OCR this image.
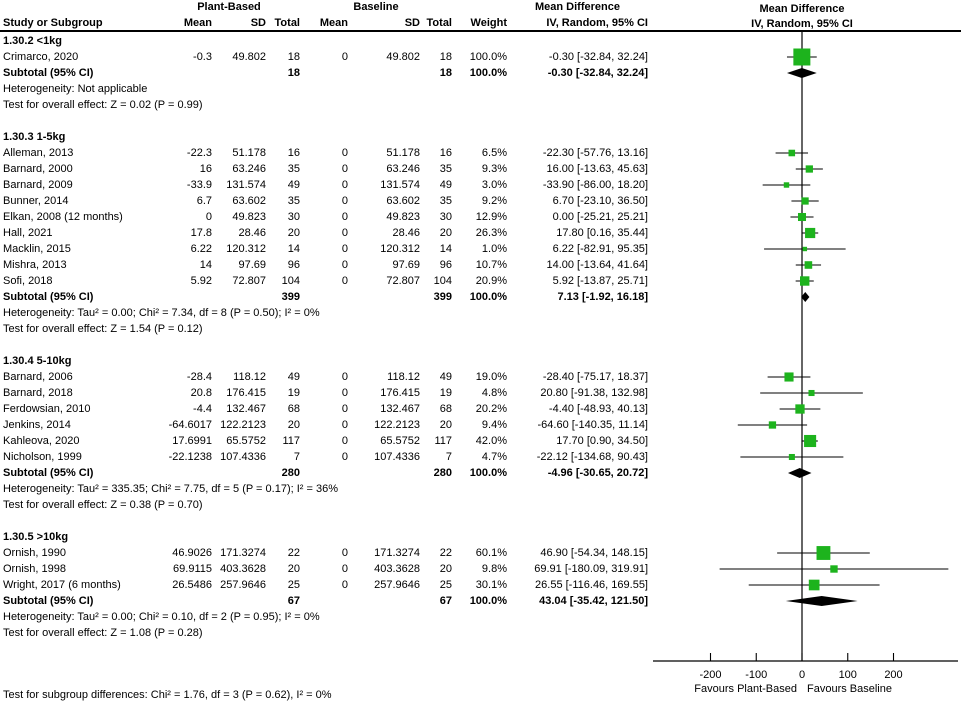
Plant-Based	Baseline	Mean Difference
Study or Subgroup	Mean	SD Total	Mean	SD Total	Weight	IV, Random, 95% CI
1.30.2 <1kg
Crimarco, 2020	-0.3	49.802	18	0	49.802	18	100.0%	-0.30 [-32.84, 32.24]
Subtotal (95% CI)	18	18	100.0%	-0.30 [-32.84, 32.24]
Heterogeneity: Not applicable
Test for overall effect: Z = 0.02 (P = 0.99)
1.30.3 1-5kg
Alleman, 2013	-22.3	51.178	16	0	51.178	16	6.5%	-22.30 [-57.76, 13.16]
Barnard, 2000	16	63.246	35	0	63.246	35	9.3%	16.00 [-13.63, 45.63]
Barnard, 2009	-33.9	131.574	49	0	131.574	49	3.0%	-33.90 [-86.00, 18.20]
Bunner, 2014	6.7	63.602	35	0	63.602	35	9.2%	6.70 [-23.10, 36.50]
Elkan, 2008 (12 months)	0	49.823	30	0	49.823	30	12.9%	0.00 [-25.21, 25.21]
Hall, 2021	17.8	28.46	20	0	28.46	20	26.3%	17.80 [0.16, 35.44]
Macklin, 2015	6.22	120.312	14	0	120.312	14	1.0%	6.22 [-82.91, 95.35]
Mishra, 2013	14	97.69	96	0	97.69	96	10.7%	14.00 [-13.64, 41.64]
Sofi, 2018	5.92	72.807	104	0	72.807	104	20.9%	5.92 [-13.87, 25.71]
Subtotal (95% CI)	399	399	100.0%	7.13 [-1.92, 16.18]
Heterogeneity: Tau² = 0.00; Chi² = 7.34, df = 8 (P = 0.50); I² = 0%
Test for overall effect: Z = 1.54 (P = 0.12)
1.30.4 5-10kg
Barnard, 2006	-28.4	118.12	49	0	118.12	49	19.0%	-28.40 [-75.17, 18.37]
Barnard, 2018	20.8	176.415	19	0	176.415	19	4.8%	20.80 [-91.38, 132.98]
Ferdowsian, 2010	-4.4	132.467	68	0	132.467	68	20.2%	-4.40 [-48.93, 40.13]
Jenkins, 2014	-64.6017 122.2123	20	0	122.2123	20	9.4%	-64.60 [-140.35, 11.14]
Kahleova, 2020	17.6991	65.5752	117	0	65.5752	117	42.0%	17.70 [0.90, 34.50]
Nicholson, 1999	-22.1238 107.4336	7	0	107.4336	7	4.7%	-22.12 [-134.68, 90.43]
Subtotal (95% CI)	280	280	100.0%	-4.96 [-30.65, 20.72]
Heterogeneity: Tau² = 335.35; Chi² = 7.75, df = 5 (P = 0.17); I² = 36%
Test for overall effect: Z = 0.38 (P = 0.70)
1.30.5 >10kg
Ornish, 1990	46.9026 171.3274	22	0	171.3274	22	60.1%	46.90 [-54.34, 148.15]
Ornish, 1998	69.9115 403.3628	20	0	403.3628	20	9.8%	69.91 [-180.09, 319.91]
Wright, 2017 (6 months)	26.5486 257.9646	25	0	257.9646	25	30.1%	26.55 [-116.46, 169.55]
Subtotal (95% CI)	67	67	100.0%	43.04 [-35.42, 121.50]
Heterogeneity: Tau² = 0.00; Chi² = 0.10, df = 2 (P = 0.95); I² = 0%
Test for overall effect: Z = 1.08 (P = 0.28)
Mean Difference
IV, Random, 95% CI
-200 -100	0	100 200
Favours Plant-Based Favours Baseline
Test for subgroup differences: Chi² = 1.76, df = 3 (P = 0.62), I² = 0%
